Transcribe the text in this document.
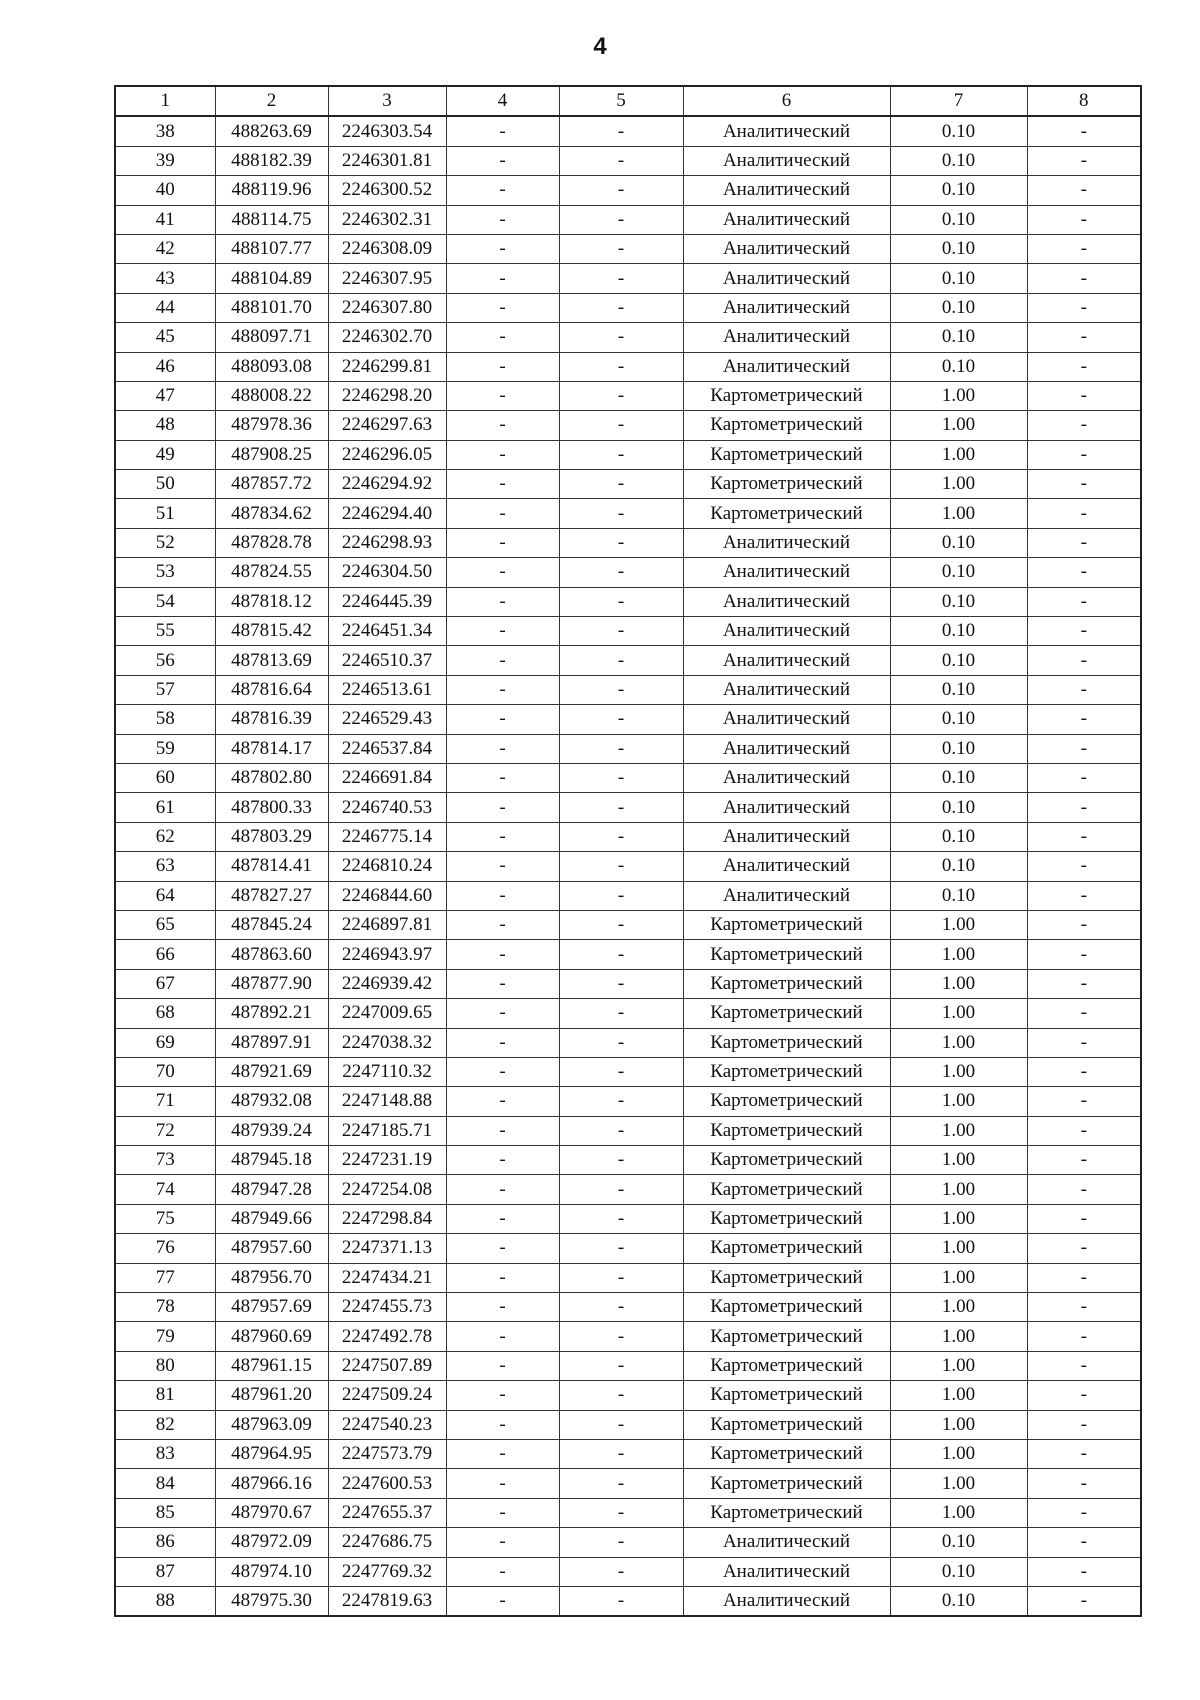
4
1	2	3	4	5	6	7	8
38	488263.69	2246303.54	-	-	Аналитический	0.10	-
39	488182.39	2246301.81	-	-	Аналитический	0.10	-
40	488119.96	2246300.52	-	-	Аналитический	0.10	-
41	488114.75	2246302.31	-	-	Аналитический	0.10	-
42	488107.77	2246308.09	-	-	Аналитический	0.10	-
43	488104.89	2246307.95	-	-	Аналитический	0.10	-
44	488101.70	2246307.80	-	-	Аналитический	0.10	-
45	488097.71	2246302.70	-	-	Аналитический	0.10	-
46	488093.08	2246299.81	-	-	Аналитический	0.10	-
47	488008.22	2246298.20	-	-	Картометрический	1.00	-
48	487978.36	2246297.63	-	-	Картометрический	1.00	-
49	487908.25	2246296.05	-	-	Картометрический	1.00	-
50	487857.72	2246294.92	-	-	Картометрический	1.00	-
51	487834.62	2246294.40	-	-	Картометрический	1.00	-
52	487828.78	2246298.93	-	-	Аналитический	0.10	-
53	487824.55	2246304.50	-	-	Аналитический	0.10	-
54	487818.12	2246445.39	-	-	Аналитический	0.10	-
55	487815.42	2246451.34	-	-	Аналитический	0.10	-
56	487813.69	2246510.37	-	-	Аналитический	0.10	-
57	487816.64	2246513.61	-	-	Аналитический	0.10	-
58	487816.39	2246529.43	-	-	Аналитический	0.10	-
59	487814.17	2246537.84	-	-	Аналитический	0.10	-
60	487802.80	2246691.84	-	-	Аналитический	0.10	-
61	487800.33	2246740.53	-	-	Аналитический	0.10	-
62	487803.29	2246775.14	-	-	Аналитический	0.10	-
63	487814.41	2246810.24	-	-	Аналитический	0.10	-
64	487827.27	2246844.60	-	-	Аналитический	0.10	-
65	487845.24	2246897.81	-	-	Картометрический	1.00	-
66	487863.60	2246943.97	-	-	Картометрический	1.00	-
67	487877.90	2246939.42	-	-	Картометрический	1.00	-
68	487892.21	2247009.65	-	-	Картометрический	1.00	-
69	487897.91	2247038.32	-	-	Картометрический	1.00	-
70	487921.69	2247110.32	-	-	Картометрический	1.00	-
71	487932.08	2247148.88	-	-	Картометрический	1.00	-
72	487939.24	2247185.71	-	-	Картометрический	1.00	-
73	487945.18	2247231.19	-	-	Картометрический	1.00	-
74	487947.28	2247254.08	-	-	Картометрический	1.00	-
75	487949.66	2247298.84	-	-	Картометрический	1.00	-
76	487957.60	2247371.13	-	-	Картометрический	1.00	-
77	487956.70	2247434.21	-	-	Картометрический	1.00	-
78	487957.69	2247455.73	-	-	Картометрический	1.00	-
79	487960.69	2247492.78	-	-	Картометрический	1.00	-
80	487961.15	2247507.89	-	-	Картометрический	1.00	-
81	487961.20	2247509.24	-	-	Картометрический	1.00	-
82	487963.09	2247540.23	-	-	Картометрический	1.00	-
83	487964.95	2247573.79	-	-	Картометрический	1.00	-
84	487966.16	2247600.53	-	-	Картометрический	1.00	-
85	487970.67	2247655.37	-	-	Картометрический	1.00	-
86	487972.09	2247686.75	-	-	Аналитический	0.10	-
87	487974.10	2247769.32	-	-	Аналитический	0.10	-
88	487975.30	2247819.63	-	-	Аналитический	0.10	-
